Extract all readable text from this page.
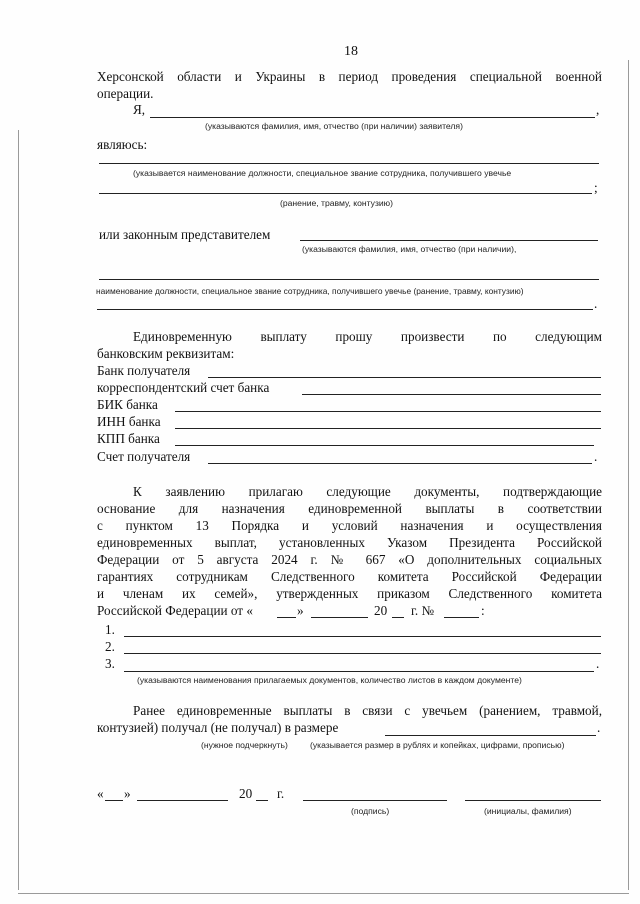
18
Херсонской области и Украины в период проведения специальной военной
операции.
Я,	,
(указываются фамилия, имя, отчество (при наличии) заявителя)
являюсь:
(указывается наименование должности, специальное звание сотрудника, получившего увечье
;
(ранение, травму, контузию)
или законным представителем
(указываются фамилия, имя, отчество (при наличии),
наименование должности, специальное звание сотрудника, получившего увечье (ранение, травму, контузию)
.
Единовременную выплату прошу произвести по следующим
банковским реквизитам:
Банк получателя
корреспондентский счет банка
БИК банка
ИНН банка
КПП банка
Счет получателя	.
К заявлению прилагаю следующие документы, подтверждающие
основание для назначения единовременной выплаты в соответствии
с пунктом 13 Порядка и условий назначения и осуществления
единовременных выплат, установленных Указом Президента Российской
Федерации от 5 августа 2024 г. № 667 «О дополнительных социальных
гарантиях сотрудникам Следственного комитета Российской Федерации
и членам их семей», утвержденных приказом Следственного комитета
Российской Федерации от «	»	20 г. №	:
1.
2.
3.	.
(указываются наименования прилагаемых документов, количество листов в каждом документе)
Ранее единовременные выплаты в связи с увечьем (ранением, травмой,
контузией) получал (не получал) в размере	.
(нужное подчеркнуть)	(указывается размер в рублях и копейках, цифрами, прописью)
« »	20 г.
(подпись)	(инициалы, фамилия)
